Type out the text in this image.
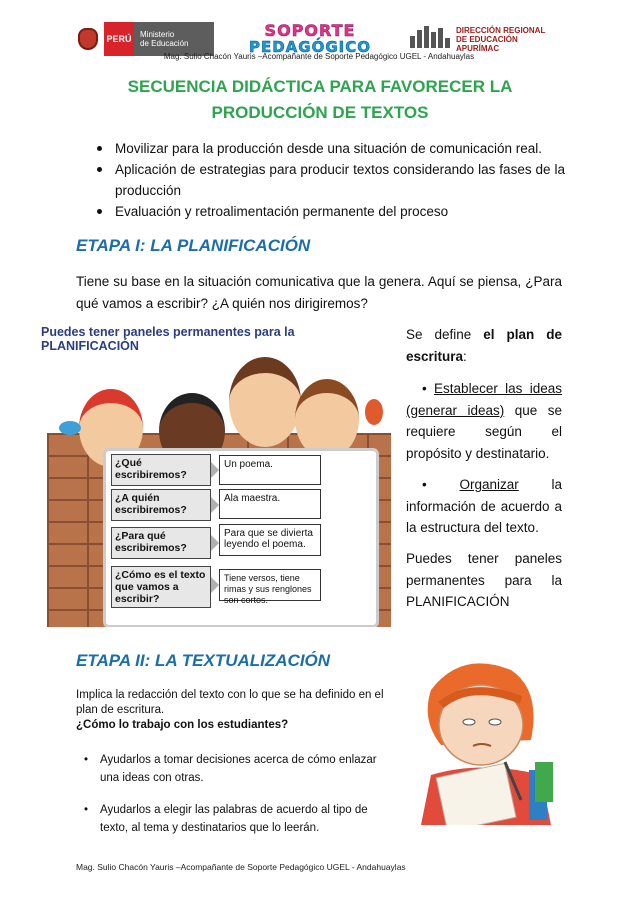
PERÚ	Ministerio
de Educación
SOPORTE
PEDAGÓGICO
DIRECCIÓN REGIONAL
DE EDUCACIÓN
APURÍMAC
Mag. Sulio Chacón Yauris –Acompañante de Soporte Pedagógico UGEL - Andahuaylas
SECUENCIA DIDÁCTICA PARA FAVORECER LA
PRODUCCIÓN DE TEXTOS
Movilizar para la producción desde una situación de comunicación real.
Aplicación de estrategias para producir textos considerando las fases de la producción
Evaluación y retroalimentación permanente del proceso
ETAPA I: LA PLANIFICACIÓN
Tiene su base en la situación comunicativa que la genera. Aquí se piensa, ¿Para qué vamos a escribir? ¿A quién nos dirigiremos?
Puedes tener paneles permanentes para la PLANIFICACIÓN
¿Qué escribiremos?
Un poema.
¿A quién escribiremos?
Ala maestra.
¿Para qué escribiremos?
Para que se divierta leyendo el poema.
¿Cómo es el texto que vamos a escribir?
Tiene versos, tiene rimas y sus renglones son cortos.
Se define el plan de escritura:
• Establecer las ideas (generar ideas) que se requiere según el propósito y destinatario.
• Organizar la información de acuerdo a la estructura del texto.
Puedes tener paneles permanentes para la PLANIFICACIÓN
ETAPA II: LA TEXTUALIZACIÓN
Implica la redacción del texto con lo que se ha definido en el plan de escritura.
¿Cómo lo trabajo con los estudiantes?
• Ayudarlos a tomar decisiones acerca de cómo enlazar una ideas con otras.
• Ayudarlos a elegir las palabras de acuerdo al tipo de texto, al tema y destinatarios que lo leerán.
Mag. Sulio Chacón Yauris –Acompañante de Soporte Pedagógico UGEL - Andahuaylas
